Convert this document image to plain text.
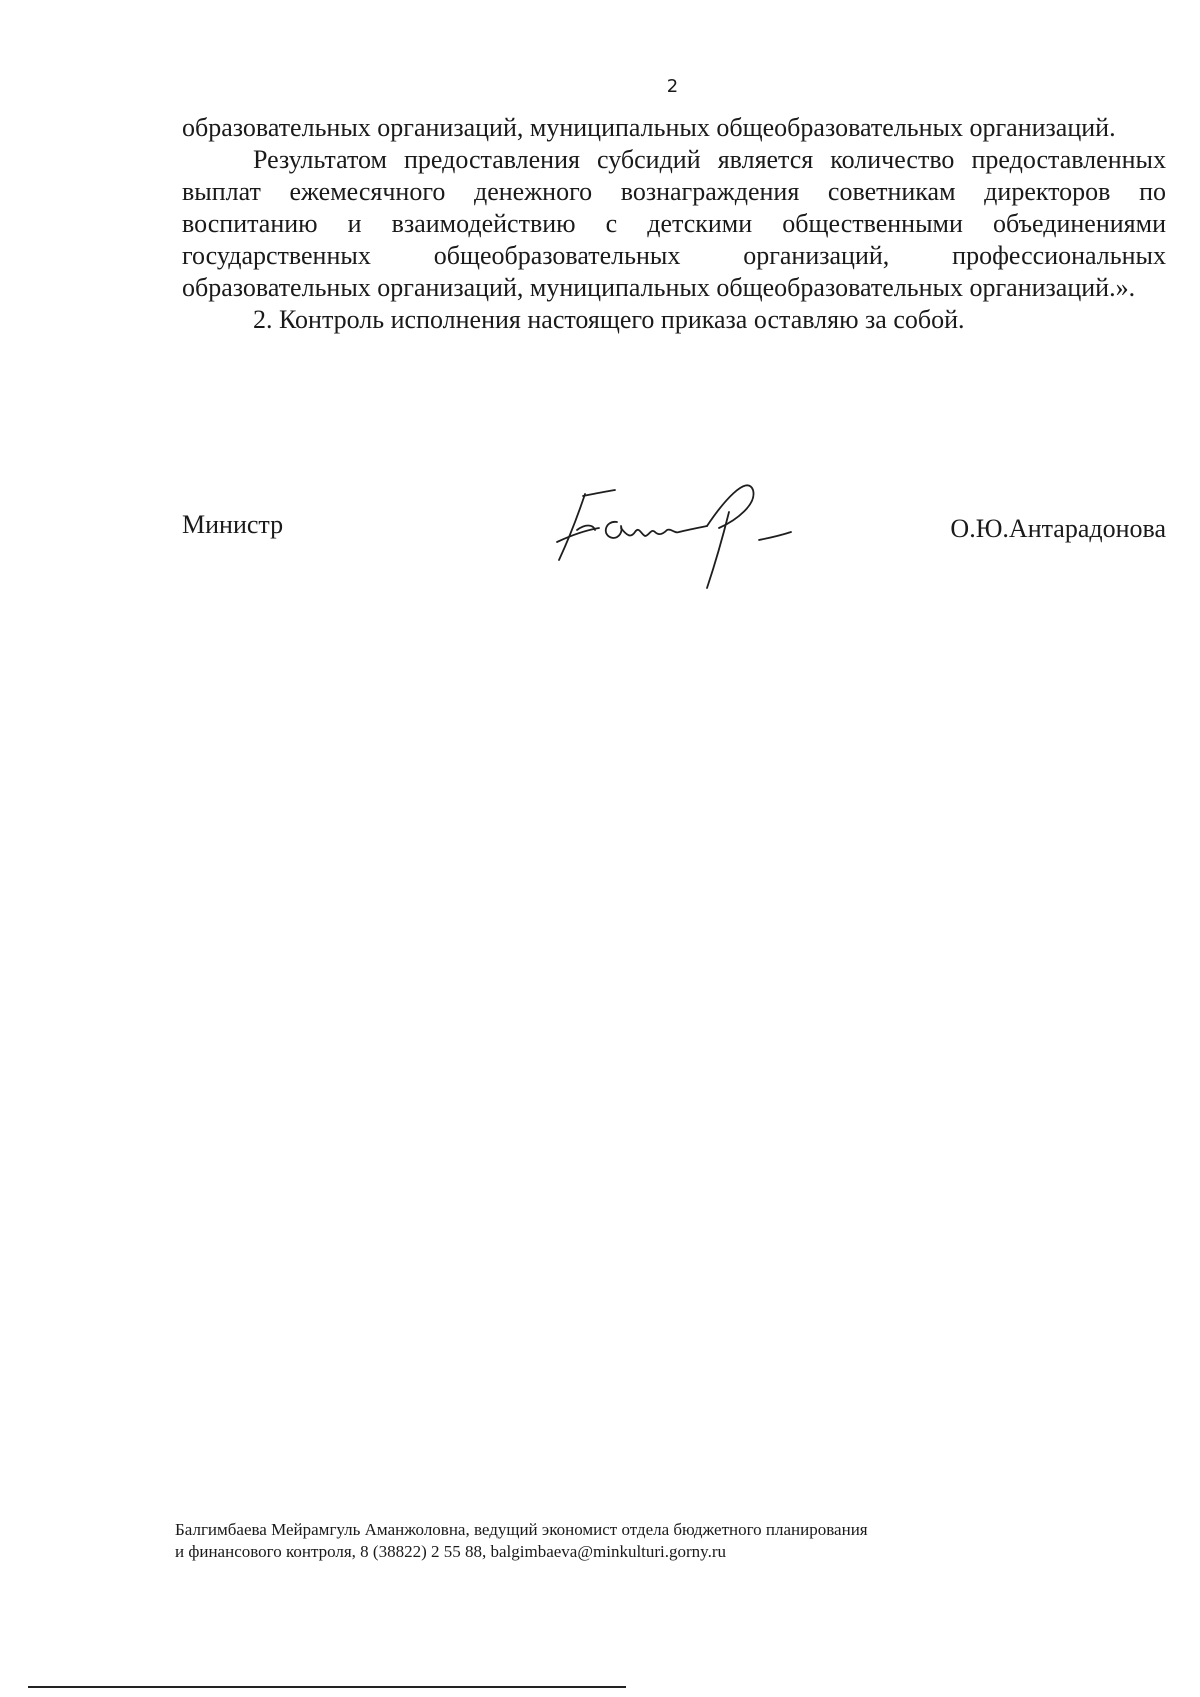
2

образовательных организаций, муниципальных общеобразовательных организаций.

Результатом предоставления субсидий является количество предоставленных выплат ежемесячного денежного вознаграждения советникам директоров по воспитанию и взаимодействию с детскими общественными объединениями государственных общеобразовательных организаций, профессиональных образовательных организаций, муниципальных общеобразовательных организаций.».

2. Контроль исполнения настоящего приказа оставляю за собой.

Министр	О.Ю.Антарадонова
Балгимбаева Мейрамгуль Аманжоловна, ведущий экономист отдела бюджетного планирования
и финансового контроля, 8 (38822) 2 55 88, balgimbaeva@minkulturi.gorny.ru
